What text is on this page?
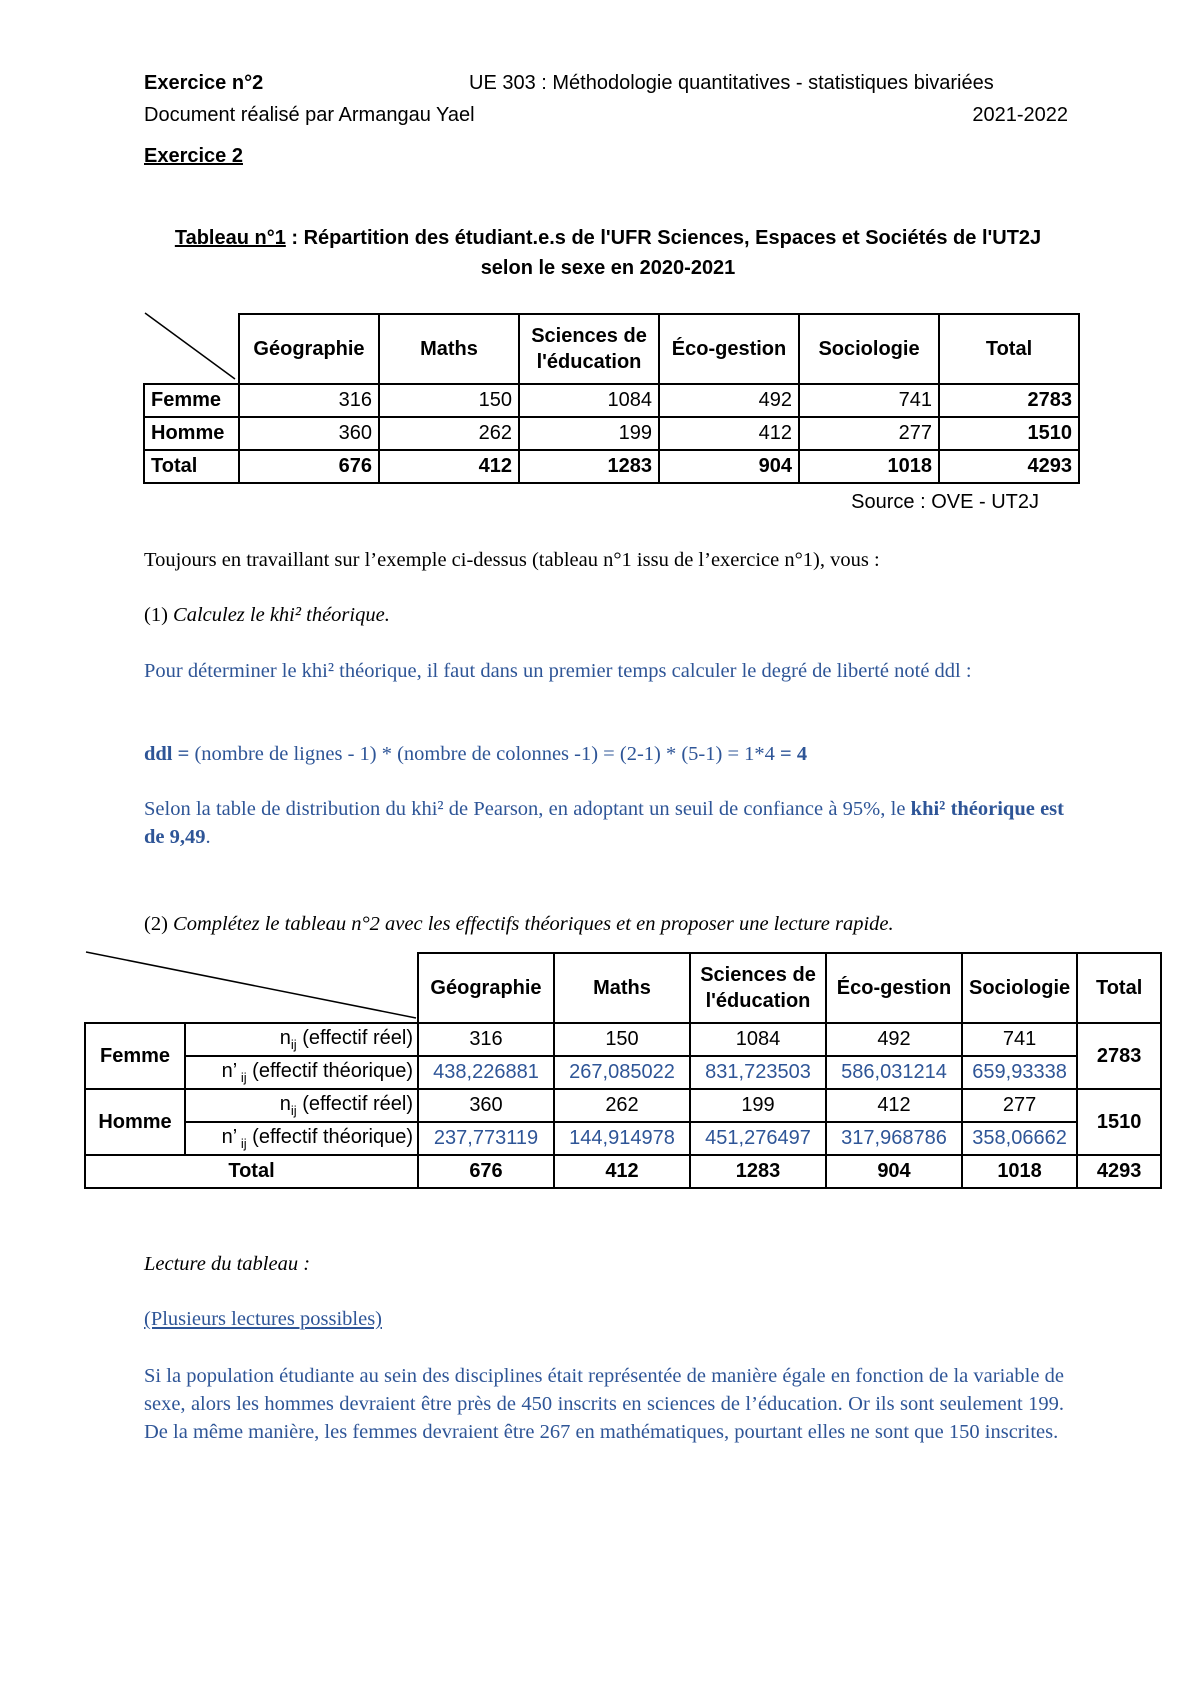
Exercice n°2	UE 303 : Méthodologie quantitatives - statistiques bivariées
Document réalisé par Armangau Yael	2021-2022
Exercice 2
Tableau n°1 : Répartition des étudiant.e.s de l'UFR Sciences, Espaces et Sociétés de l'UT2J
selon le sexe en 2020-2021
	Géographie	Maths	Sciences de
l'éducation	Éco-gestion	Sociologie	Total
Femme	316	150	1084	492	741	2783
Homme	360	262	199	412	277	1510
Total	676	412	1283	904	1018	4293
Source : OVE - UT2J
Toujours en travaillant sur l’exemple ci-dessus (tableau n°1 issu de l’exercice n°1), vous :
(1) Calculez le khi² théorique.
Pour déterminer le khi² théorique, il faut dans un premier temps calculer le degré de liberté noté ddl :
ddl = (nombre de lignes - 1) * (nombre de colonnes -1) = (2-1) * (5-1) = 1*4 = 4
Selon la table de distribution du khi² de Pearson, en adoptant un seuil de confiance à 95%, le khi² théorique est de 9,49.
(2) Complétez le tableau n°2 avec les effectifs théoriques et en proposer une lecture rapide.
		Géographie	Maths	Sciences de
l'éducation	Éco-gestion	Sociologie	Total
Femme	$n_{ij}$ (effectif réel)	316	150	1084	492	741	2783
	n’ $_{ij}$ (effectif théorique)	438,226881	267,085022	831,723503	586,031214	659,93338	
Homme	$n_{ij}$ (effectif réel)	360	262	199	412	277	1510
	n’ $_{ij}$ (effectif théorique)	237,773119	144,914978	451,276497	317,968786	358,06662	
Total		676	412	1283	904	1018	4293
Lecture du tableau :
(Plusieurs lectures possibles)
Si la population étudiante au sein des disciplines était représentée de manière égale en fonction de la variable de sexe, alors les hommes devraient être près de 450 inscrits en sciences de l’éducation. Or ils sont seulement 199. De la même manière, les femmes devraient être 267 en mathématiques, pourtant elles ne sont que 150 inscrites.
